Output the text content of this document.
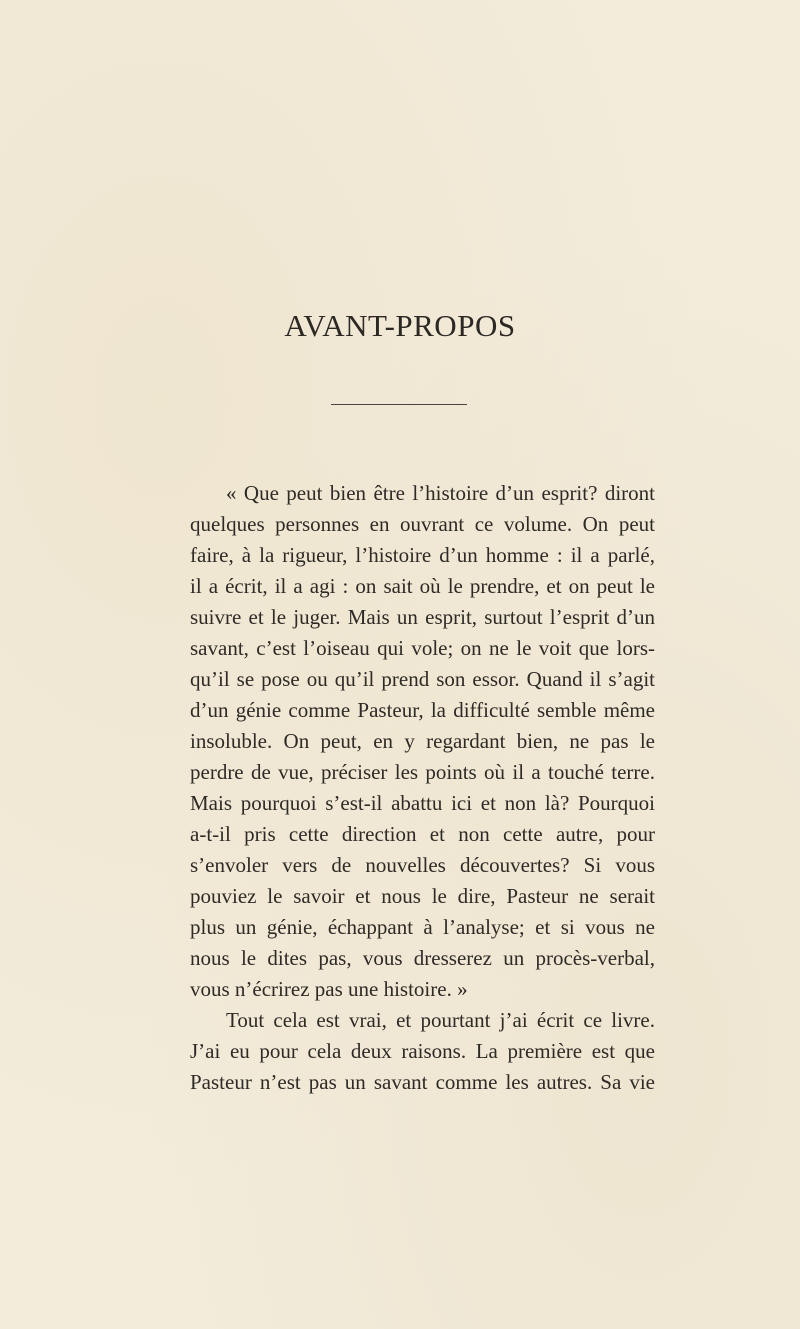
AVANT-PROPOS
« Que peut bien être l’histoire d’un esprit? diront
quelques personnes en ouvrant ce volume. On peut
faire, à la rigueur, l’histoire d’un homme : il a parlé,
il a écrit, il a agi : on sait où le prendre, et on peut le
suivre et le juger. Mais un esprit, surtout l’esprit d’un
savant, c’est l’oiseau qui vole; on ne le voit que lors-
qu’il se pose ou qu’il prend son essor. Quand il s’agit
d’un génie comme Pasteur, la difficulté semble même
insoluble. On peut, en y regardant bien, ne pas le
perdre de vue, préciser les points où il a touché terre.
Mais pourquoi s’est-il abattu ici et non là? Pourquoi
a-t-il pris cette direction et non cette autre, pour
s’envoler vers de nouvelles découvertes? Si vous
pouviez le savoir et nous le dire, Pasteur ne serait
plus un génie, échappant à l’analyse; et si vous ne
nous le dites pas, vous dresserez un procès-verbal,
vous n’écrirez pas une histoire. »
Tout cela est vrai, et pourtant j’ai écrit ce livre.
J’ai eu pour cela deux raisons. La première est que
Pasteur n’est pas un savant comme les autres. Sa vie
